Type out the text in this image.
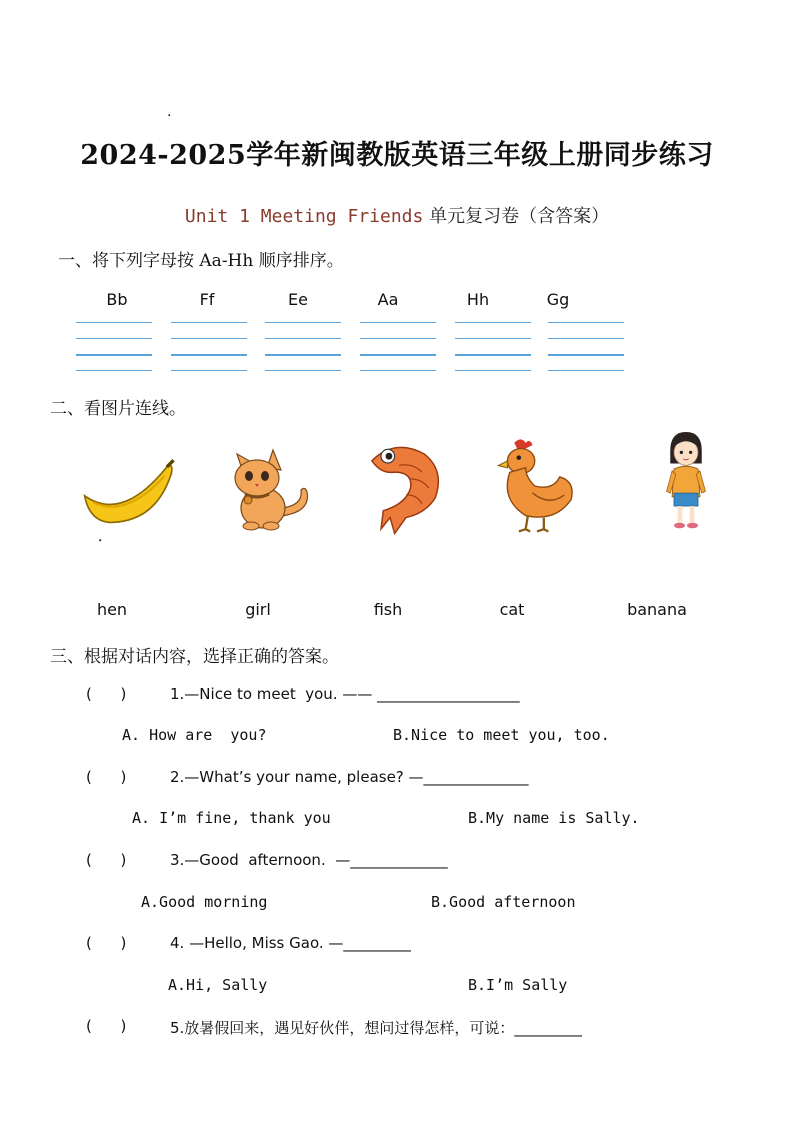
.
2024-2025学年新闽教版英语三年级上册同步练习
Unit 1 Meeting Friends 单元复习卷（含答案）
一、将下列字母按 Aa-Hh 顺序排序。
Bb	Ff	Ee	Aa	Hh	Gg
二、看图片连线。
hen	girl	fish	cat	banana
三、根据对话内容，选择正确的答案。
(      )	1.—Nice to meet  you. —— ___________________
A. How are  you?	B.Nice to meet you, too.
(      )	2.—What’s your name, please? —______________
A. I’m fine, thank you	B.My name is Sally.
(      )	3.—Good  afternoon.  —_____________
A.Good morning	B.Good afternoon
(      )	4. —Hello, Miss Gao. —_________
A.Hi, Sally	B.I’m Sally
(      )	5.放暑假回来，遇见好伙伴，想问过得怎样，可说：_________
